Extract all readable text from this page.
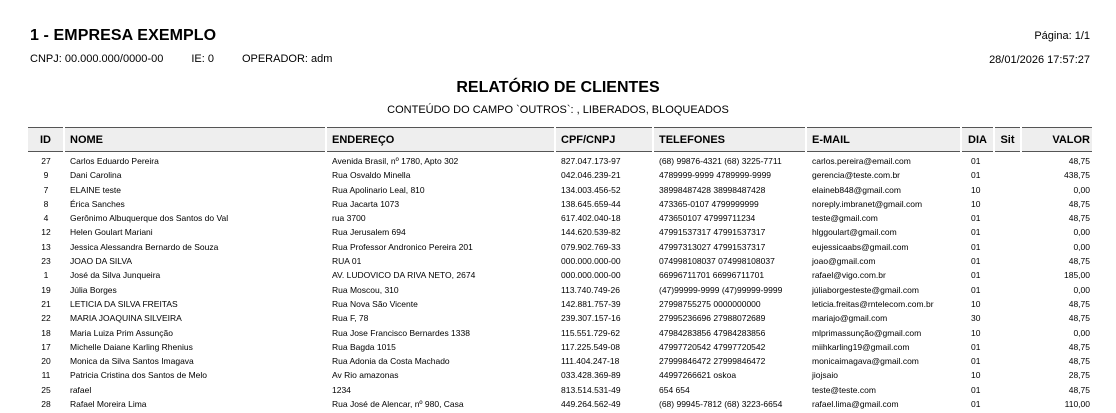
1 - EMPRESA EXEMPLO	Página: 1/1
CNPJ: 00.000.000/0000-00	IE: 0	OPERADOR: adm	28/01/2026 17:57:27
RELATÓRIO DE CLIENTES
CONTEÚDO DO CAMPO `OUTROS`: , LIBERADOS, BLOQUEADOS
ID	NOME	ENDEREÇO	CPF/CNPJ	TELEFONES	E-MAIL	DIA	Sit	VALOR
27	Carlos Eduardo Pereira	Avenida Brasil, nº 1780, Apto 302	827.047.173-97	(68) 99876-4321 (68) 3225-7711	carlos.pereira@email.com	01		48,75
9	Dani Carolina	Rua Osvaldo Minella	042.046.239-21	4789999-9999 4789999-9999	gerencia@teste.com.br	01		438,75
7	ELAINE teste	Rua Apolinario Leal, 810	134.003.456-52	38998487428 38998487428	elaineb848@gmail.com	10		0,00
8	Érica Sanches	Rua Jacarta 1073	138.645.659-44	473365-0107 4799999999	noreply.imbranet@gmail.com	10		48,75
4	Gerônimo Albuquerque dos Santos do Val	rua 3700	617.402.040-18	473650107 47999711234	teste@gmail.com	01		48,75
12	Helen Goulart Mariani	Rua Jerusalem 694	144.620.539-82	47991537317 47991537317	hlggoulart@gmail.com	01		0,00
13	Jessica Alessandra Bernardo de Souza	Rua Professor Andronico Pereira 201	079.902.769-33	47997313027 47991537317	eujessicaabs@gmail.com	01		0,00
23	JOAO DA SILVA	RUA 01	000.000.000-00	074998108037 074998108037	joao@gmail.com	01		48,75
1	José da Silva Junqueira	AV. LUDOVICO DA RIVA NETO, 2674	000.000.000-00	66996711701 66996711701	rafael@vigo.com.br	01		185,00
19	Júlia Borges	Rua Moscou, 310	113.740.749-26	(47)99999-9999 (47)99999-9999	júliaborgesteste@gmail.com	01		0,00
21	LETICIA DA SILVA FREITAS	Rua Nova São Vicente	142.881.757-39	27998755275 0000000000	leticia.freitas@rntelecom.com.br	10		48,75
22	MARIA JOAQUINA SILVEIRA	Rua F, 78	239.307.157-16	27995236696 27988072689	mariajo@gmail.com	30		48,75
18	Maria Luiza Prim Assunção	Rua Jose Francisco Bernardes 1338	115.551.729-62	47984283856 47984283856	mlprimassunção@gmail.com	10		0,00
17	Michelle Daiane Karling Rhenius	Rua Bagda 1015	117.225.549-08	47997720542 47997720542	miihkarling19@gmail.com	01		48,75
20	Monica da Silva Santos Imagava	Rua Adonia da Costa Machado	111.404.247-18	27999846472 27999846472	monicaimagava@gmail.com	01		48,75
11	Patricia Cristina dos Santos de Melo	Av Rio amazonas	033.428.369-89	44997266621 oskoa	jiojsaio	10		28,75
25	rafael	1234	813.514.531-49	654 654	teste@teste.com	01		48,75
28	Rafael Moreira Lima	Rua José de Alencar, nº 980, Casa	449.264.562-49	(68) 99945-7812 (68) 3223-6654	rafael.lima@gmail.com	01		110,00
